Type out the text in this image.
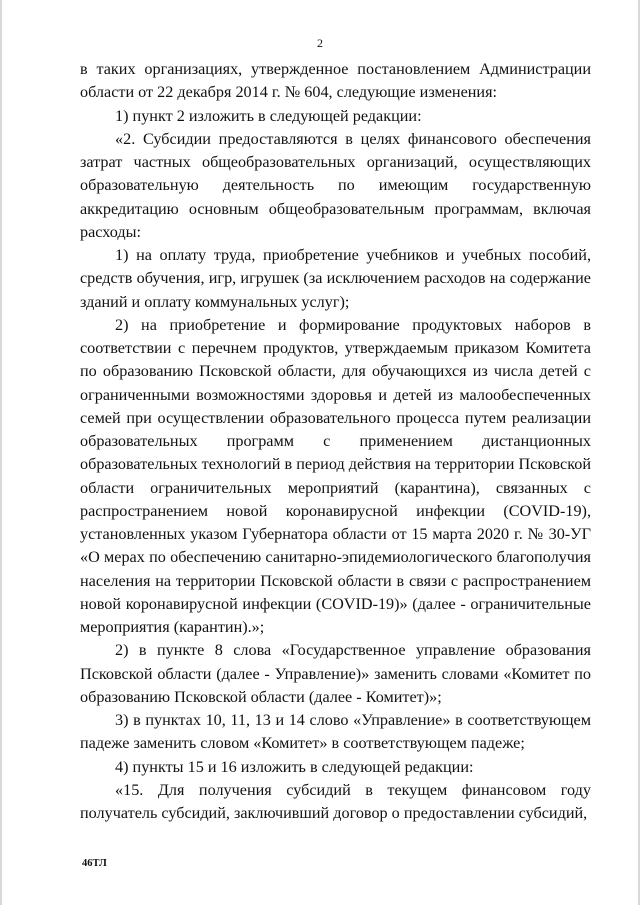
2

в таких организациях, утвержденное постановлением Администрации области от 22 декабря 2014 г. № 604, следующие изменения:

1) пункт 2 изложить в следующей редакции:

«2. Субсидии предоставляются в целях финансового обеспечения затрат частных общеобразовательных организаций, осуществляющих образовательную деятельность по имеющим государственную аккредитацию основным общеобразовательным программам, включая расходы:

1) на оплату труда, приобретение учебников и учебных пособий, средств обучения, игр, игрушек (за исключением расходов на содержание зданий и оплату коммунальных услуг);

2) на приобретение и формирование продуктовых наборов в соответствии с перечнем продуктов, утверждаемым приказом Комитета по образованию Псковской области, для обучающихся из числа детей с ограниченными возможностями здоровья и детей из малообеспеченных семей при осуществлении образовательного процесса путем реализации образовательных программ с применением дистанционных образовательных технологий в период действия на территории Псковской области ограничительных мероприятий (карантина), связанных с распространением новой коронавирусной инфекции (COVID-19), установленных указом Губернатора области от 15 марта 2020 г. № 30-УГ «О мерах по обеспечению санитарно-эпидемиологического благополучия населения на территории Псковской области в связи с распространением новой коронавирусной инфекции (COVID-19)» (далее - ограничительные мероприятия (карантин).»;

2) в пункте 8 слова «Государственное управление образования Псковской области (далее - Управление)» заменить словами «Комитет по образованию Псковской области (далее - Комитет)»;

3) в пунктах 10, 11, 13 и 14 слово «Управление» в соответствующем падеже заменить словом «Комитет» в соответствующем падеже;

4) пункты 15 и 16 изложить в следующей редакции:

«15. Для получения субсидий в текущем финансовом году получатель субсидий, заключивший договор о предоставлении субсидий,

46ТЛ
